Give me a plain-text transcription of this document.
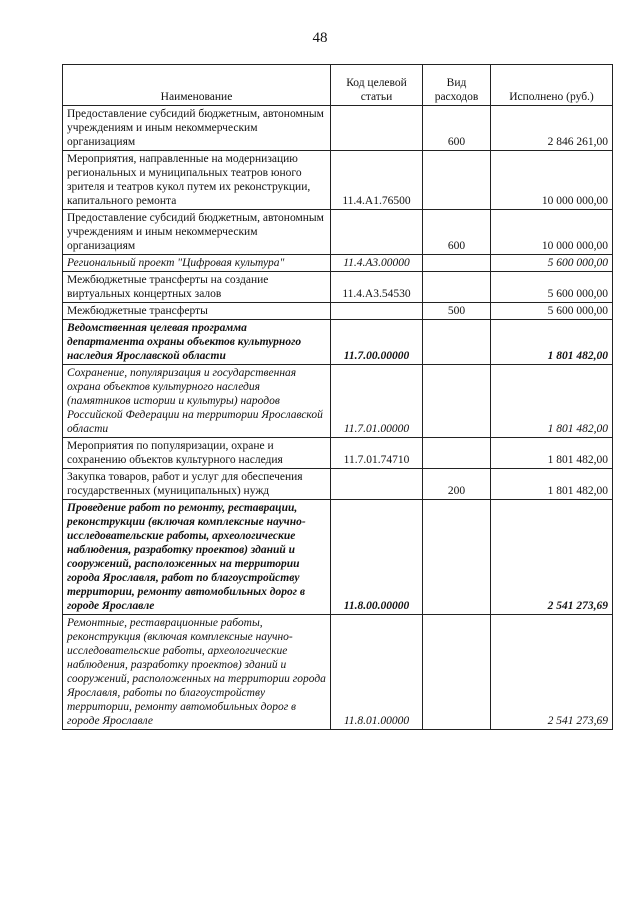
48
Наименование	Код целевой статьи	Вид расходов	Исполнено (руб.)
Предоставление субсидий бюджетным, автономным учреждениям и иным некоммерческим организациям		600	2 846 261,00
Мероприятия, направленные на модернизацию региональных и муниципальных театров юного зрителя и театров кукол путем их реконструкции, капитального ремонта	11.4.А1.76500		10 000 000,00
Предоставление субсидий бюджетным, автономным учреждениям и иным некоммерческим организациям		600	10 000 000,00
Региональный проект "Цифровая культура"	11.4.А3.00000		5 600 000,00
Межбюджетные трансферты на создание виртуальных концертных залов	11.4.А3.54530		5 600 000,00
Межбюджетные трансферты		500	5 600 000,00
Ведомственная целевая программа департамента охраны объектов культурного наследия Ярославской области	11.7.00.00000		1 801 482,00
Сохранение, популяризация и государственная охрана объектов культурного наследия (памятников истории и культуры) народов Российской Федерации на территории Ярославской области	11.7.01.00000		1 801 482,00
Мероприятия по популяризации, охране и сохранению объектов культурного наследия	11.7.01.74710		1 801 482,00
Закупка товаров, работ и услуг для обеспечения государственных (муниципальных) нужд		200	1 801 482,00
Проведение работ по ремонту, реставрации, реконструкции (включая комплексные научно-исследовательские работы, археологические наблюдения, разработку проектов) зданий и сооружений, расположенных на территории города Ярославля, работ по благоустройству территории, ремонту автомобильных дорог в городе Ярославле	11.8.00.00000		2 541 273,69
Ремонтные, реставрационные работы, реконструкция (включая комплексные научно-исследовательские работы, археологические наблюдения, разработку проектов) зданий и сооружений, расположенных на территории города Ярославля, работы по благоустройству территории, ремонту автомобильных дорог в городе Ярославле	11.8.01.00000		2 541 273,69
